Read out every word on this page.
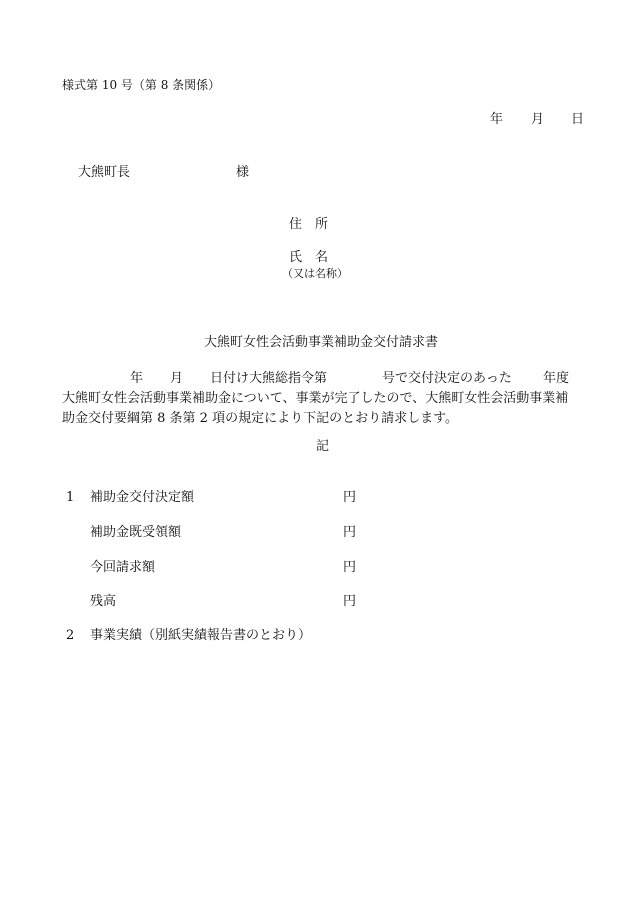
様式第 10 号（第 8 条関係）
年 月 日
大熊町長	様
住　所
氏　名
（又は名称）
大熊町女性会活動事業補助金交付請求書
年 月 日付け大熊総指令第	号で交付決定のあった 年度
大熊町女性会活動事業補助金について、事業が完了したので、大熊町女性会活動事業補
助金交付要綱第 8 条第 2 項の規定により下記のとおり請求します。
記
1 補助金交付決定額	円
補助金既受領額	円
今回請求額	円
残高	円
2 事業実績（別紙実績報告書のとおり）
